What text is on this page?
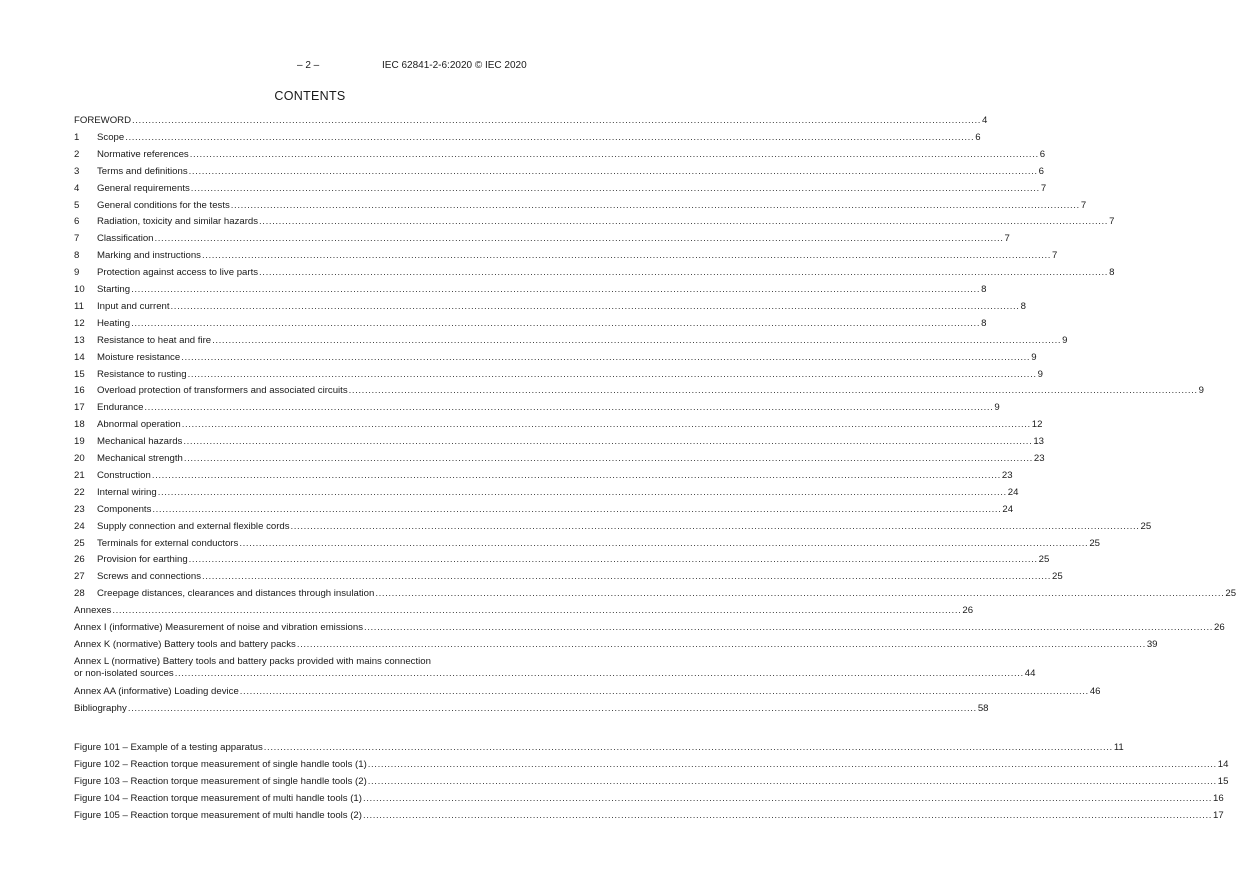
– 2 –	IEC 62841-2-6:2020 © IEC 2020
CONTENTS
FOREWORD .................................................................................................................................................................................................................................................................... 4
1	Scope .................................................................................................................................................................................................................................................................... 6
2	Normative references .................................................................................................................................................................................................................................................................... 6
3	Terms and definitions .................................................................................................................................................................................................................................................................... 6
4	General requirements .................................................................................................................................................................................................................................................................... 7
5	General conditions for the tests .................................................................................................................................................................................................................................................................... 7
6	Radiation, toxicity and similar hazards .................................................................................................................................................................................................................................................................... 7
7	Classification .................................................................................................................................................................................................................................................................... 7
8	Marking and instructions .................................................................................................................................................................................................................................................................... 7
9	Protection against access to live parts .................................................................................................................................................................................................................................................................... 8
10	Starting .................................................................................................................................................................................................................................................................... 8
11	Input and current .................................................................................................................................................................................................................................................................... 8
12	Heating .................................................................................................................................................................................................................................................................... 8
13	Resistance to heat and fire .................................................................................................................................................................................................................................................................... 9
14	Moisture resistance .................................................................................................................................................................................................................................................................... 9
15	Resistance to rusting .................................................................................................................................................................................................................................................................... 9
16	Overload protection of transformers and associated circuits .................................................................................................................................................................................................................................................................... 9
17	Endurance .................................................................................................................................................................................................................................................................... 9
18	Abnormal operation .................................................................................................................................................................................................................................................................... 12
19	Mechanical hazards .................................................................................................................................................................................................................................................................... 13
20	Mechanical strength .................................................................................................................................................................................................................................................................... 23
21	Construction .................................................................................................................................................................................................................................................................... 23
22	Internal wiring .................................................................................................................................................................................................................................................................... 24
23	Components .................................................................................................................................................................................................................................................................... 24
24	Supply connection and external flexible cords .................................................................................................................................................................................................................................................................... 25
25	Terminals for external conductors .................................................................................................................................................................................................................................................................... 25
26	Provision for earthing .................................................................................................................................................................................................................................................................... 25
27	Screws and connections .................................................................................................................................................................................................................................................................... 25
28	Creepage distances, clearances and distances through insulation .................................................................................................................................................................................................................................................................... 25
Annexes .................................................................................................................................................................................................................................................................... 26
Annex I (informative) Measurement of noise and vibration emissions .................................................................................................................................................................................................................................................................... 26
Annex K (normative) Battery tools and battery packs .................................................................................................................................................................................................................................................................... 39
Annex L (normative) Battery tools and battery packs provided with mains connection
or non-isolated sources .................................................................................................................................................................................................................................................................... 44
Annex AA (informative) Loading device .................................................................................................................................................................................................................................................................... 46
Bibliography .................................................................................................................................................................................................................................................................... 58
Figure 101 – Example of a testing apparatus .................................................................................................................................................................................................................................................................... 11
Figure 102 – Reaction torque measurement of single handle tools (1) .................................................................................................................................................................................................................................................................... 14
Figure 103 – Reaction torque measurement of single handle tools (2) .................................................................................................................................................................................................................................................................... 15
Figure 104 – Reaction torque measurement of multi handle tools (1) .................................................................................................................................................................................................................................................................... 16
Figure 105 – Reaction torque measurement of multi handle tools (2) .................................................................................................................................................................................................................................................................... 17
